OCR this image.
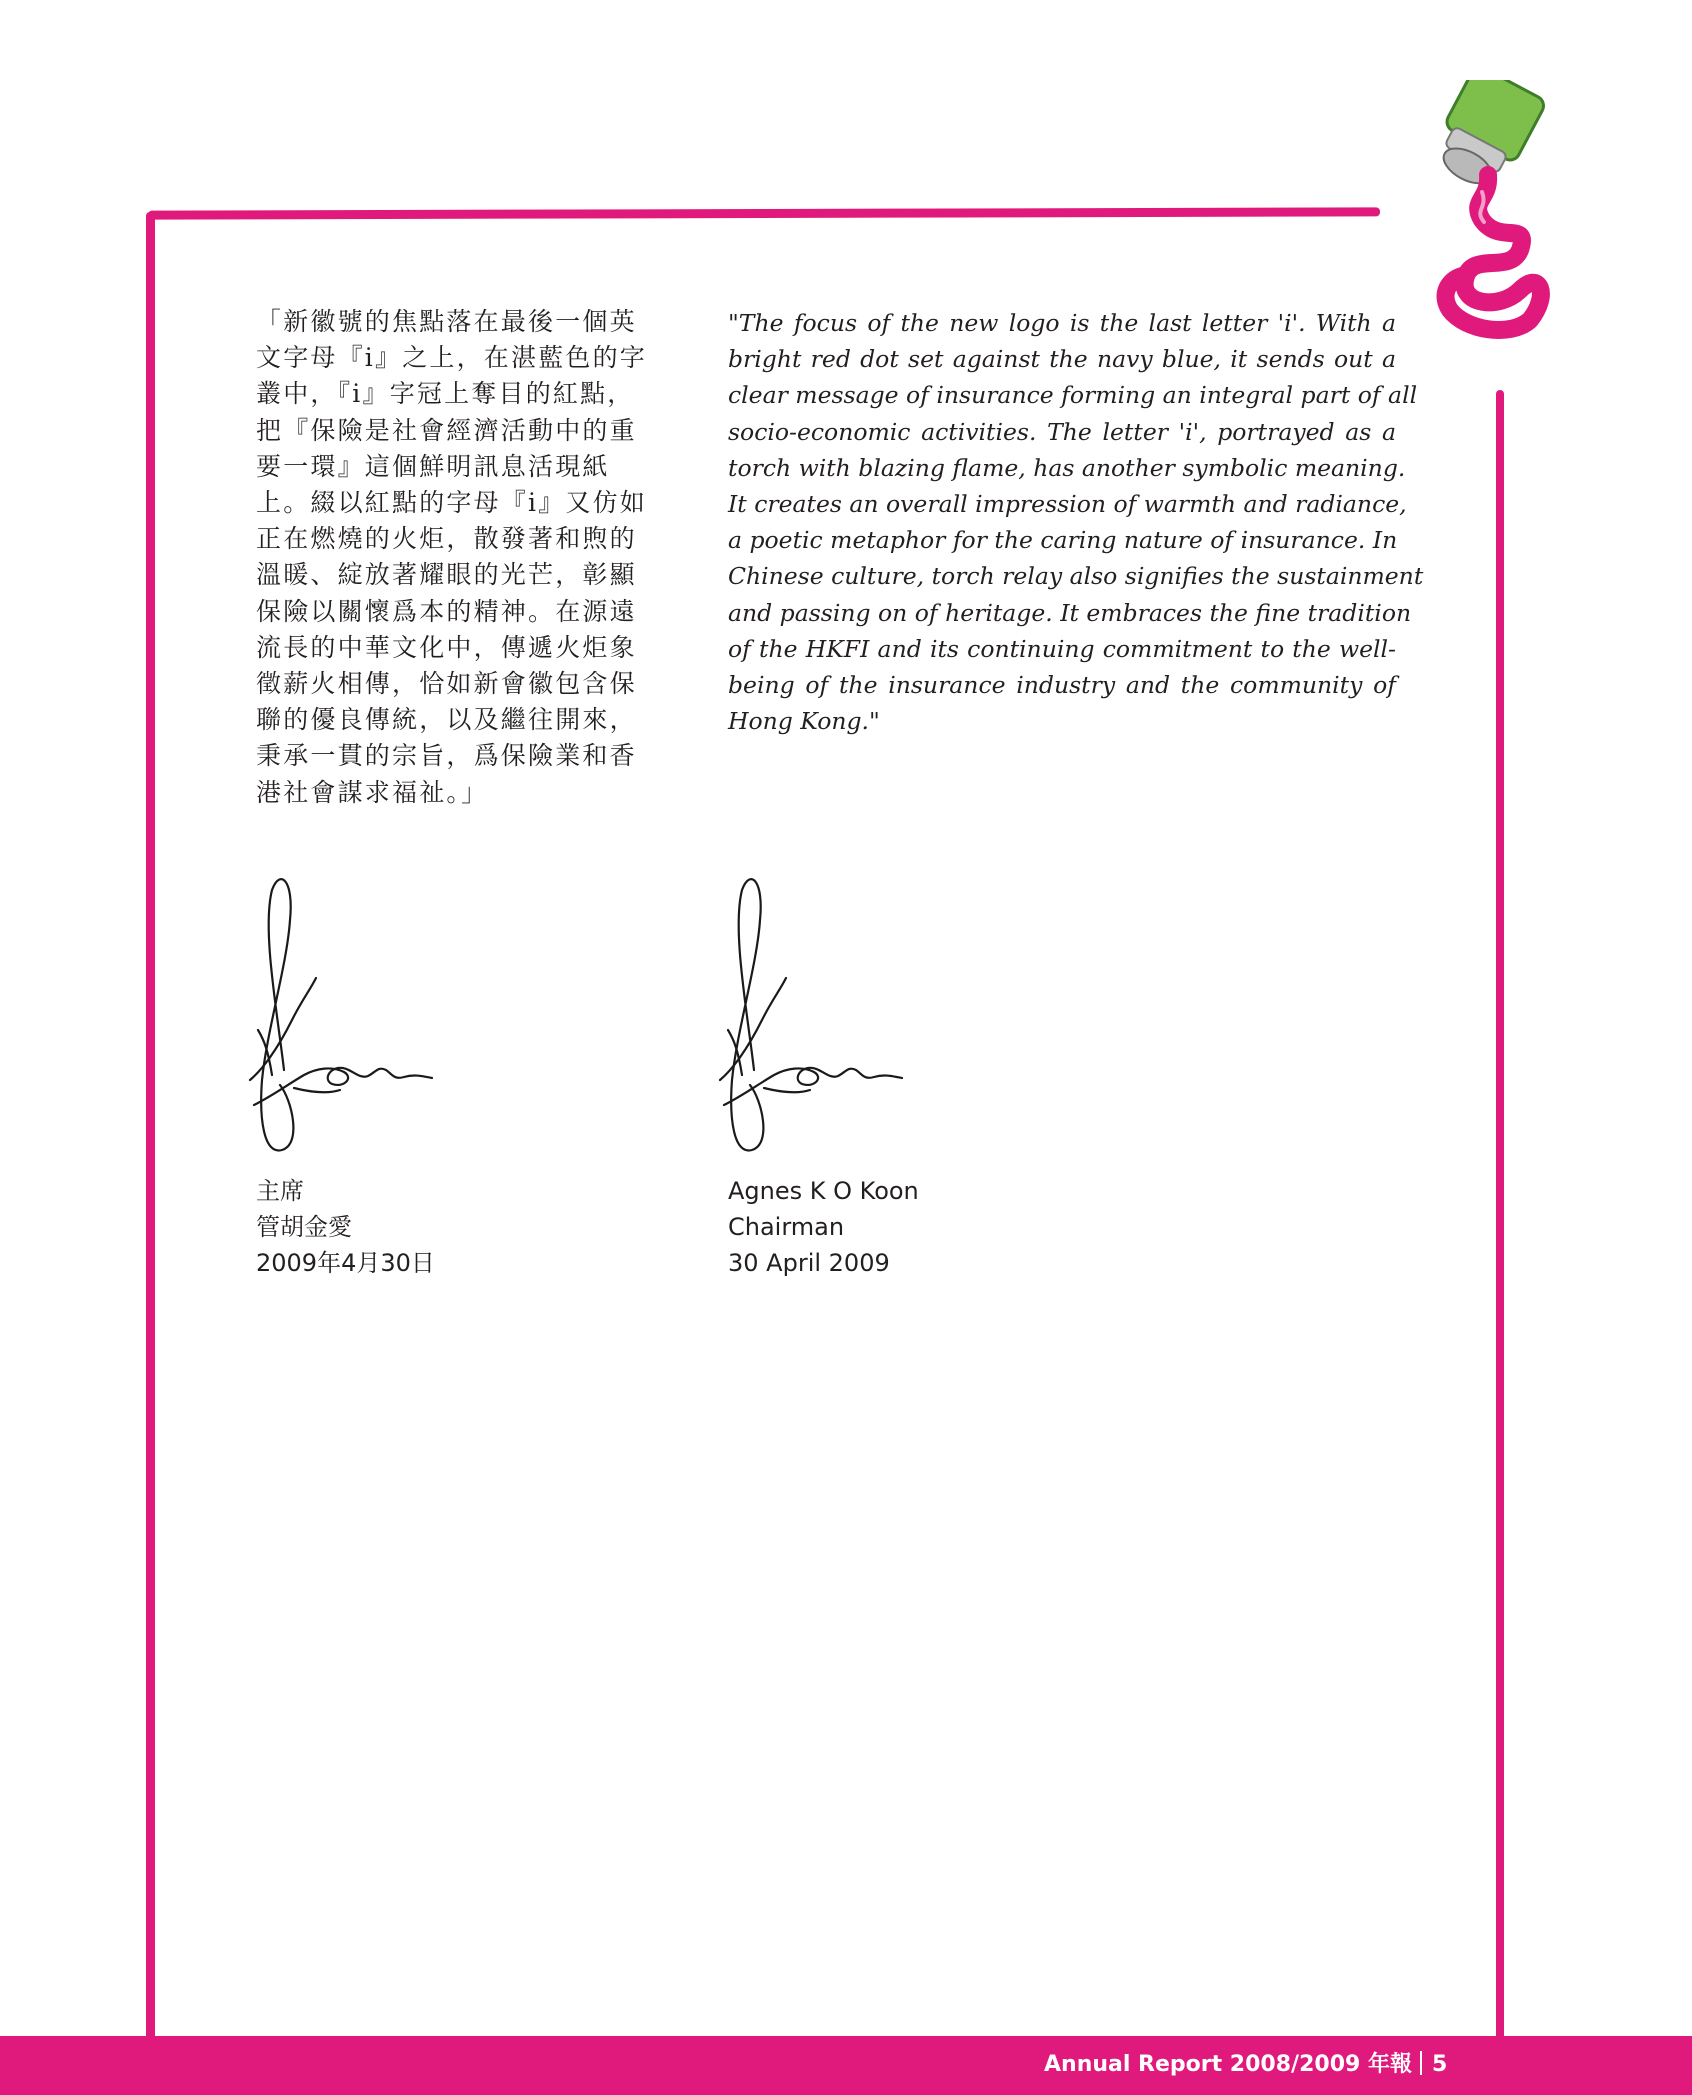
「新徽號的焦點落在最後一個英
文字母『i』之上，在湛藍色的字
叢中，『i』字冠上奪目的紅點，
把『保險是社會經濟活動中的重
要一環』這個鮮明訊息活現紙
上。綴以紅點的字母『i』又仿如
正在燃燒的火炬，散發著和煦的
溫暖、綻放著耀眼的光芒，彰顯
保險以關懷爲本的精神。在源遠
流長的中華文化中，傳遞火炬象
徵薪火相傳，恰如新會徽包含保
聯的優良傳統，以及繼往開來，
秉承一貫的宗旨，爲保險業和香
港社會謀求福祉。」
"The focus of the new logo is the last letter 'i'. With a
bright red dot set against the navy blue, it sends out a
clear message of insurance forming an integral part of all
socio-economic activities. The letter 'i', portrayed as a
torch with blazing flame, has another symbolic meaning.
It creates an overall impression of warmth and radiance,
a poetic metaphor for the caring nature of insurance. In
Chinese culture, torch relay also signifies the sustainment
and passing on of heritage. It embraces the fine tradition
of the HKFI and its continuing commitment to the well-
being of the insurance industry and the community of
Hong Kong."
主席
管胡金愛
2009年4月30日
Agnes K O Koon
Chairman
30 April 2009
Annual Report 2008/2009 年報 5
